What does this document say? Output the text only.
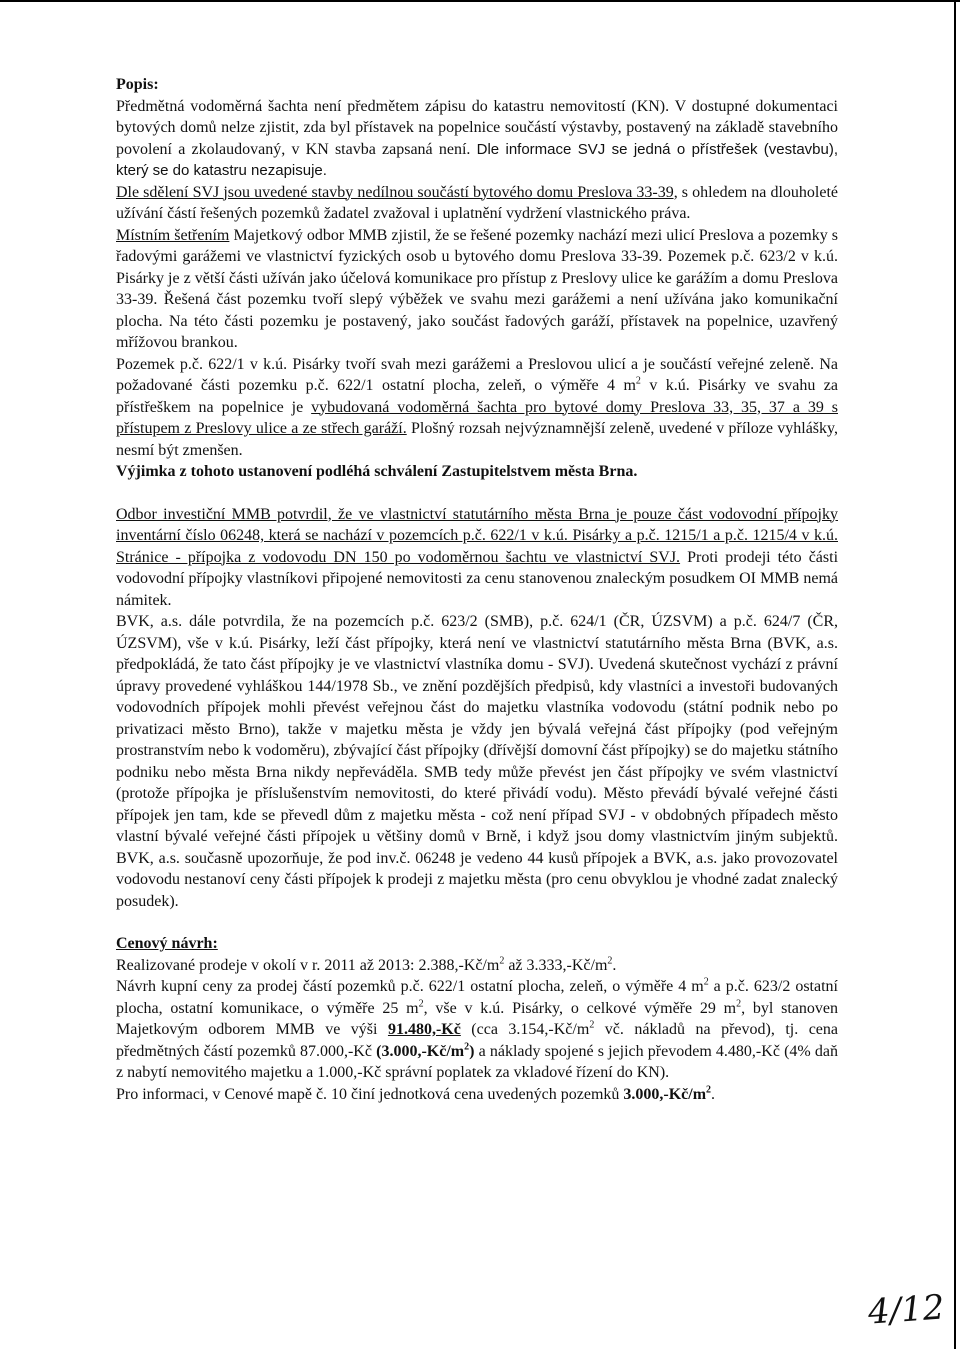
Popis:

Předmětná vodoměrná šachta není předmětem zápisu do katastru nemovitostí (KN). V dostupné dokumentaci bytových domů nelze zjistit, zda byl přístavek na popelnice součástí výstavby, postavený na základě stavebního povolení a zkolaudovaný, v KN stavba zapsaná není. Dle informace SVJ se jedná o přístřešek (vestavbu), který se do katastru nezapisuje.

Dle sdělení SVJ jsou uvedené stavby nedílnou součástí bytového domu Preslova 33-39, s ohledem na dlouholeté užívání částí řešených pozemků žadatel zvažoval i uplatnění vydržení vlastnického práva.

Místním šetřením Majetkový odbor MMB zjistil, že se řešené pozemky nachází mezi ulicí Preslova a pozemky s řadovými garážemi ve vlastnictví fyzických osob u bytového domu Preslova 33-39. Pozemek p.č. 623/2 v k.ú. Pisárky je z větší části užíván jako účelová komunikace pro přístup z Preslovy ulice ke garážím a domu Preslova 33-39. Řešená část pozemku tvoří slepý výběžek ve svahu mezi garážemi a není užívána jako komunikační plocha. Na této části pozemku je postavený, jako součást řadových garáží, přístavek na popelnice, uzavřený mřížovou brankou.

Pozemek p.č. 622/1 v k.ú. Pisárky tvoří svah mezi garážemi a Preslovou ulicí a je součástí veřejné zeleně. Na požadované části pozemku p.č. 622/1 ostatní plocha, zeleň, o výměře 4 $m^2$ v k.ú. Pisárky ve svahu za přístřeškem na popelnice je vybudovaná vodoměrná šachta pro bytové domy Preslova 33, 35, 37 a 39 s přístupem z Preslovy ulice a ze střech garáží. Plošný rozsah nejvýznamnější zeleně, uvedené v příloze vyhlášky, nesmí být zmenšen.
Výjimka z tohoto ustanovení podléhá schválení Zastupitelstvem města Brna.

Odbor investiční MMB potvrdil, že ve vlastnictví statutárního města Brna je pouze část vodovodní přípojky inventární číslo 06248, která se nachází v pozemcích p.č. 622/1 v k.ú. Pisárky a p.č. 1215/1 a p.č. 1215/4 v k.ú. Stránice - přípojka z vodovodu DN 150 po vodoměrnou šachtu ve vlastnictví SVJ. Proti prodeji této části vodovodní přípojky vlastníkovi připojené nemovitosti za cenu stanovenou znaleckým posudkem OI MMB nemá námitek.

BVK, a.s. dále potvrdila, že na pozemcích p.č. 623/2 (SMB), p.č. 624/1 (ČR, ÚZSVM) a p.č. 624/7 (ČR, ÚZSVM), vše v k.ú. Pisárky, leží část přípojky, která není ve vlastnictví statutárního města Brna (BVK, a.s. předpokládá, že tato část přípojky je ve vlastnictví vlastníka domu - SVJ). Uvedená skutečnost vychází z právní úpravy provedené vyhláškou 144/1978 Sb., ve znění pozdějších předpisů, kdy vlastníci a investoři budovaných vodovodních přípojek mohli převést veřejnou část do majetku vlastníka vodovodu (státní podnik nebo po privatizaci město Brno), takže v majetku města je vždy jen bývalá veřejná část přípojky (pod veřejným prostranstvím nebo k vodoměru), zbývající část přípojky (dřívější domovní část přípojky) se do majetku státního podniku nebo města Brna nikdy nepřeváděla. SMB tedy může převést jen část přípojky ve svém vlastnictví (protože přípojka je příslušenstvím nemovitosti, do které přivádí vodu). Město převádí bývalé veřejné části přípojek jen tam, kde se převedl dům z majetku města - což není případ SVJ - v obdobných případech město vlastní bývalé veřejné části přípojek u většiny domů v Brně, i když jsou domy vlastnictvím jiným subjektů. BVK, a.s. současně upozorňuje, že pod inv.č. 06248 je vedeno 44 kusů přípojek a BVK, a.s. jako provozovatel vodovodu nestanoví ceny části přípojek k prodeji z majetku města (pro cenu obvyklou je vhodné zadat znalecký posudek).

Cenový návrh:

Realizované prodeje v okolí v r. 2011 až 2013: $2.388,-Kč/m^2$ až $3.333,-Kč/m^2$.

Návrh kupní ceny za prodej částí pozemků p.č. 622/1 ostatní plocha, zeleň, o výměře 4 $m^2$ a p.č. 623/2 ostatní plocha, ostatní komunikace, o výměře 25 $m^2$, vše v k.ú. Pisárky, o celkové výměře 29 $m^2$, byl stanoven Majetkovým odborem MMB ve výši 91.480,-Kč (cca $3.154,-Kč/m^2$ vč. nákladů na převod), tj. cena předmětných částí pozemků 87.000,-Kč $(3.000,-Kč/m^2)$ a náklady spojené s jejich převodem 4.480,-Kč (4% daň z nabytí nemovitého majetku a 1.000,-Kč správní poplatek za vkladové řízení do KN).

Pro informaci, v Cenové mapě č. 10 činí jednotková cena uvedených pozemků $3.000,-Kč/m^2$.

4/12
